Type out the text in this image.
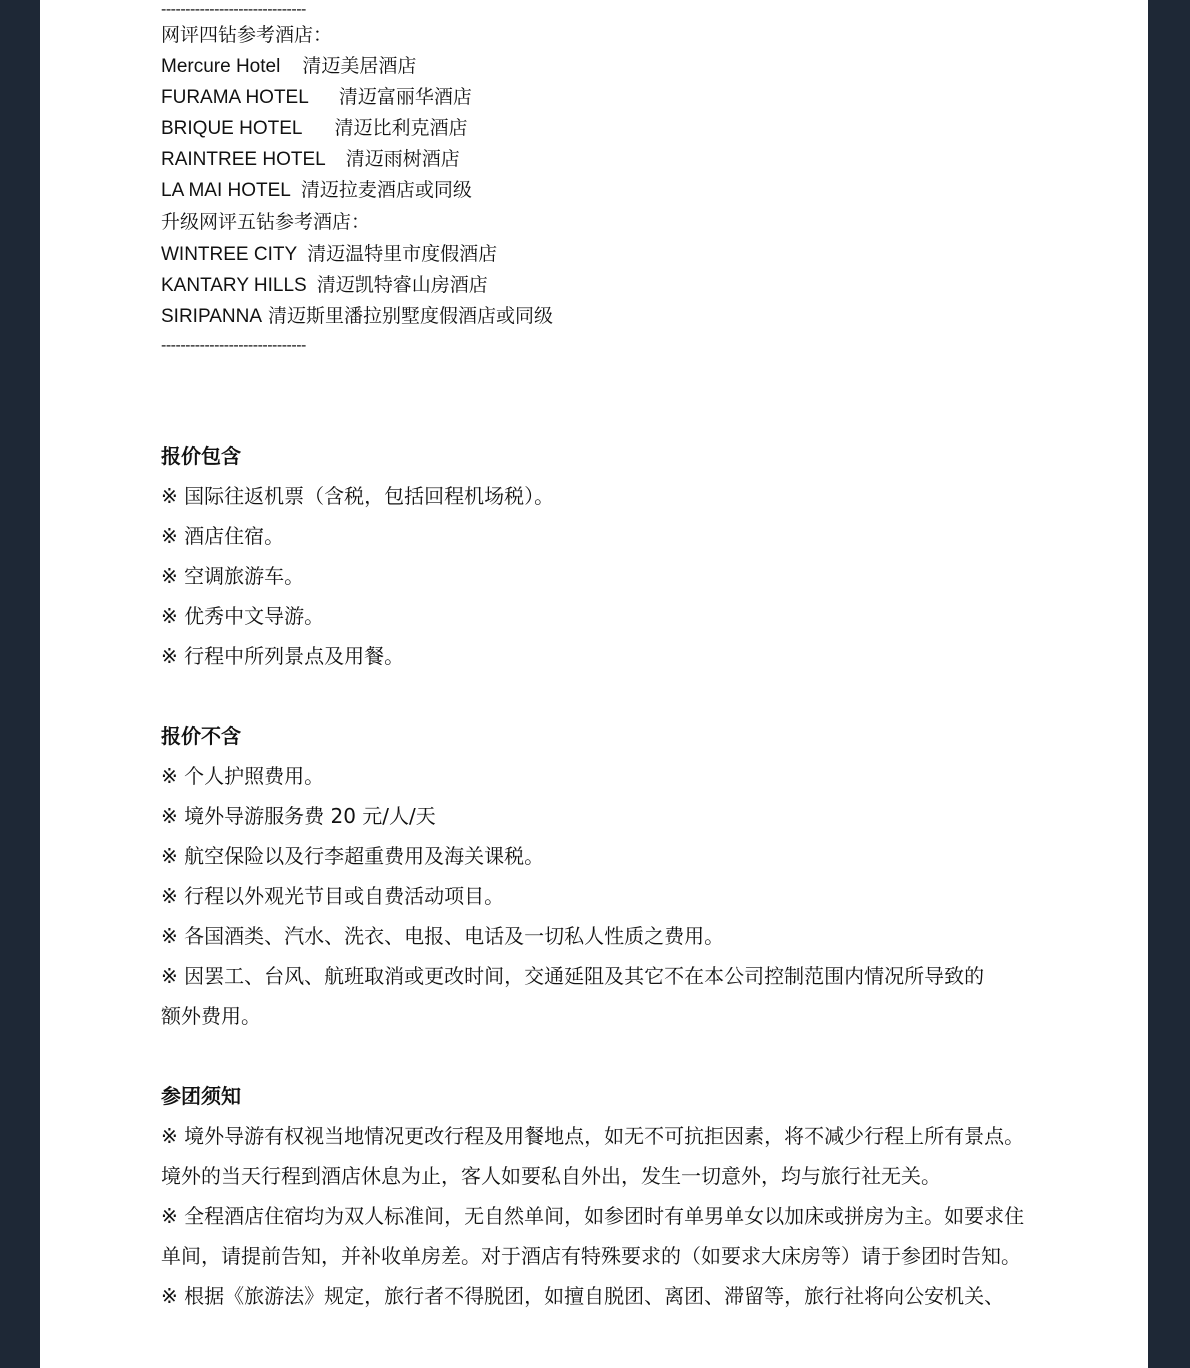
------------------------------
网评四钻参考酒店：
Mercure Hotel 清迈美居酒店
FURAMA HOTEL 清迈富丽华酒店
BRIQUE HOTEL 清迈比利克酒店
RAINTREE HOTEL 清迈雨树酒店
LA MAI HOTEL 清迈拉麦酒店或同级
升级网评五钻参考酒店：
WINTREE CITY 清迈温特里市度假酒店
KANTARY HILLS 清迈凯特睿山房酒店
SIRIPANNA 清迈斯里潘拉别墅度假酒店或同级
------------------------------
报价包含
※ 国际往返机票（含税，包括回程机场税）。
※ 酒店住宿。
※ 空调旅游车。
※ 优秀中文导游。
※ 行程中所列景点及用餐。
报价不含
※ 个人护照费用。
※ 境外导游服务费 20 元/人/天
※ 航空保险以及行李超重费用及海关课税。
※ 行程以外观光节目或自费活动项目。
※ 各国酒类、汽水、洗衣、电报、电话及一切私人性质之费用。
※ 因罢工、台风、航班取消或更改时间，交通延阻及其它不在本公司控制范围内情况所导致的额外费用。
参团须知
※ 境外导游有权视当地情况更改行程及用餐地点，如无不可抗拒因素，将不减少行程上所有景点。境外的当天行程到酒店休息为止，客人如要私自外出，发生一切意外，均与旅行社无关。
※ 全程酒店住宿均为双人标准间，无自然单间，如参团时有单男单女以加床或拼房为主。如要求住单间，请提前告知，并补收单房差。对于酒店有特殊要求的（如要求大床房等）请于参团时告知。
※ 根据《旅游法》规定，旅行者不得脱团，如擅自脱团、离团、滞留等，旅行社将向公安机关、
